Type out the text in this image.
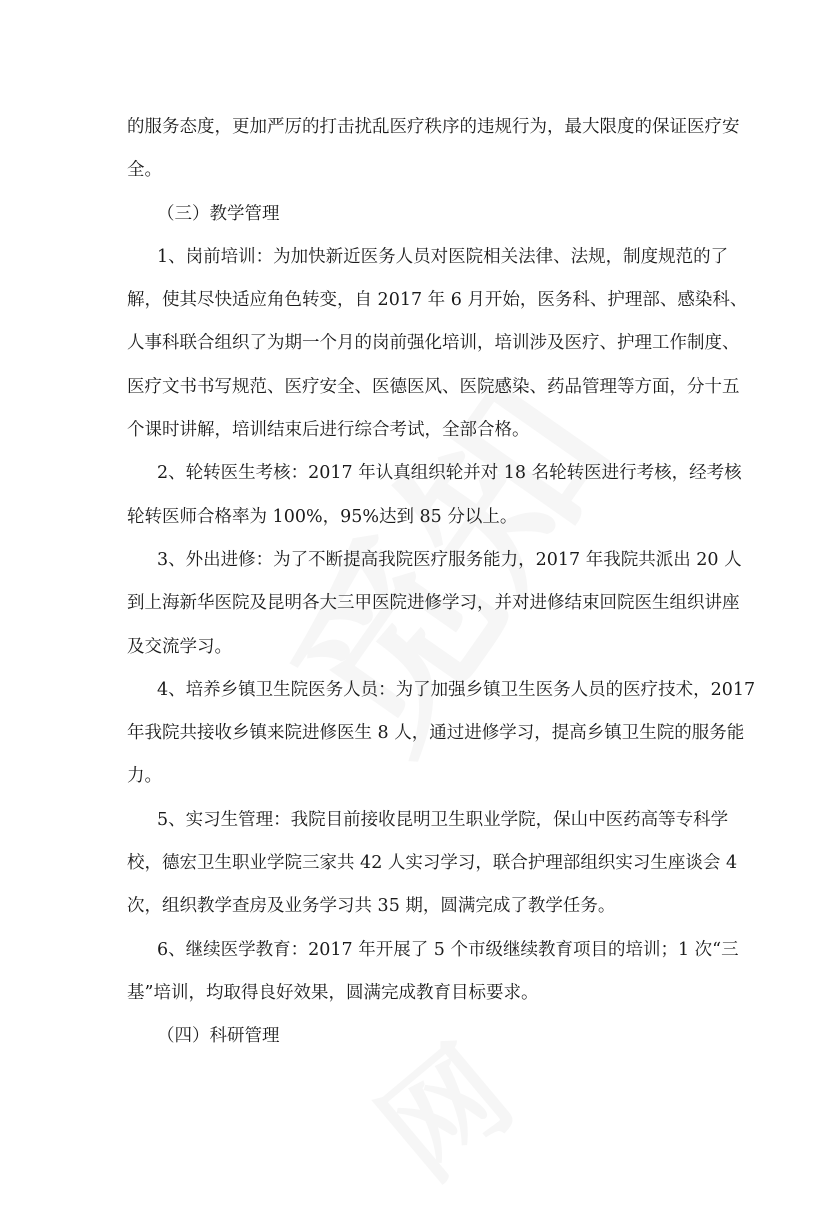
的服务态度，更加严厉的打击扰乱医疗秩序的违规行为，最大限度的保证医疗安
全。
（三）教学管理
1、岗前培训：为加快新近医务人员对医院相关法律、法规，制度规范的了
解，使其尽快适应角色转变，自 2017 年 6 月开始，医务科、护理部、感染科、
人事科联合组织了为期一个月的岗前强化培训，培训涉及医疗、护理工作制度、
医疗文书书写规范、医疗安全、医德医风、医院感染、药品管理等方面，分十五
个课时讲解，培训结束后进行综合考试，全部合格。
2、轮转医生考核：2017 年认真组织轮并对 18 名轮转医进行考核，经考核
轮转医师合格率为 100%，95%达到 85 分以上。
3、外出进修：为了不断提高我院医疗服务能力，2017 年我院共派出 20 人
到上海新华医院及昆明各大三甲医院进修学习，并对进修结束回院医生组织讲座
及交流学习。
4、培养乡镇卫生院医务人员：为了加强乡镇卫生医务人员的医疗技术，2017
年我院共接收乡镇来院进修医生 8 人，通过进修学习，提高乡镇卫生院的服务能
力。
5、实习生管理：我院目前接收昆明卫生职业学院，保山中医药高等专科学
校，德宏卫生职业学院三家共 42 人实习学习，联合护理部组织实习生座谈会 4
次，组织教学查房及业务学习共 35 期，圆满完成了教学任务。
6、继续医学教育：2017 年开展了 5 个市级继续教育项目的培训；1 次“三
基”培训，均取得良好效果，圆满完成教育目标要求。
（四）科研管理
